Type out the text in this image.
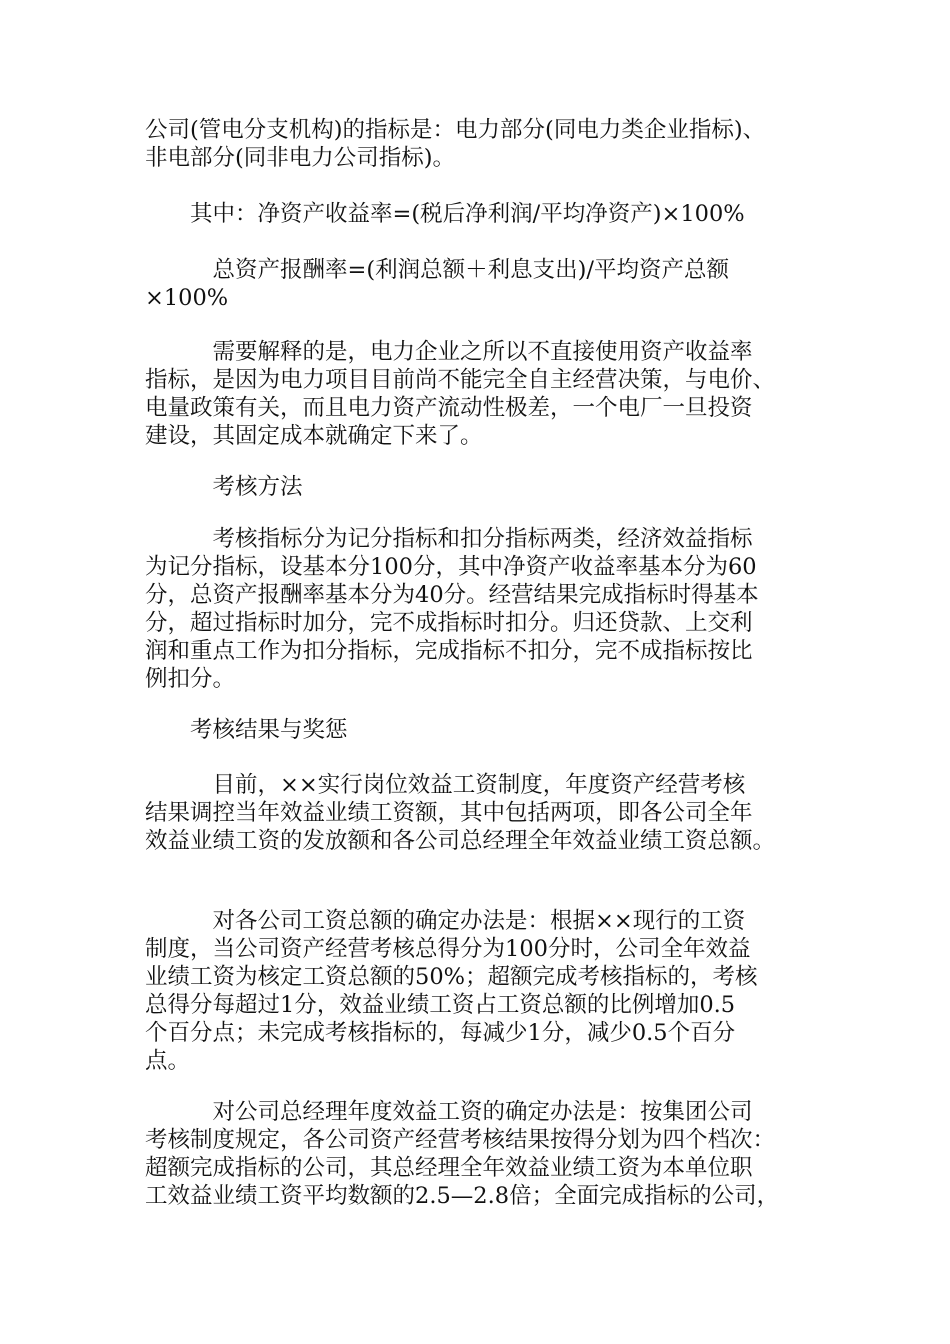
公司(管电分支机构)的指标是：电力部分(同电力类企业指标)、
非电部分(同非电力公司指标)。
　　其中：净资产收益率=(税后净利润/平均净资产)×100%
　　　总资产报酬率=(利润总额＋利息支出)/平均资产总额
×100%
　　　需要解释的是，电力企业之所以不直接使用资产收益率
指标，是因为电力项目目前尚不能完全自主经营决策，与电价、
电量政策有关，而且电力资产流动性极差，一个电厂一旦投资
建设，其固定成本就确定下来了。
　　　考核方法
　　　考核指标分为记分指标和扣分指标两类，经济效益指标
为记分指标，设基本分100分，其中净资产收益率基本分为60
分，总资产报酬率基本分为40分。经营结果完成指标时得基本
分，超过指标时加分，完不成指标时扣分。归还贷款、上交利
润和重点工作为扣分指标，完成指标不扣分，完不成指标按比
例扣分。
　　考核结果与奖惩
　　　目前，××实行岗位效益工资制度，年度资产经营考核
结果调控当年效益业绩工资额，其中包括两项，即各公司全年
效益业绩工资的发放额和各公司总经理全年效益业绩工资总额。
　　　对各公司工资总额的确定办法是：根据××现行的工资
制度，当公司资产经营考核总得分为100分时，公司全年效益
业绩工资为核定工资总额的50%；超额完成考核指标的，考核
总得分每超过1分，效益业绩工资占工资总额的比例增加0.5
个百分点；未完成考核指标的，每减少1分，减少0.5个百分
点。
　　　对公司总经理年度效益工资的确定办法是：按集团公司
考核制度规定，各公司资产经营考核结果按得分划为四个档次：
超额完成指标的公司，其总经理全年效益业绩工资为本单位职
工效益业绩工资平均数额的2.5—2.8倍；全面完成指标的公司，
